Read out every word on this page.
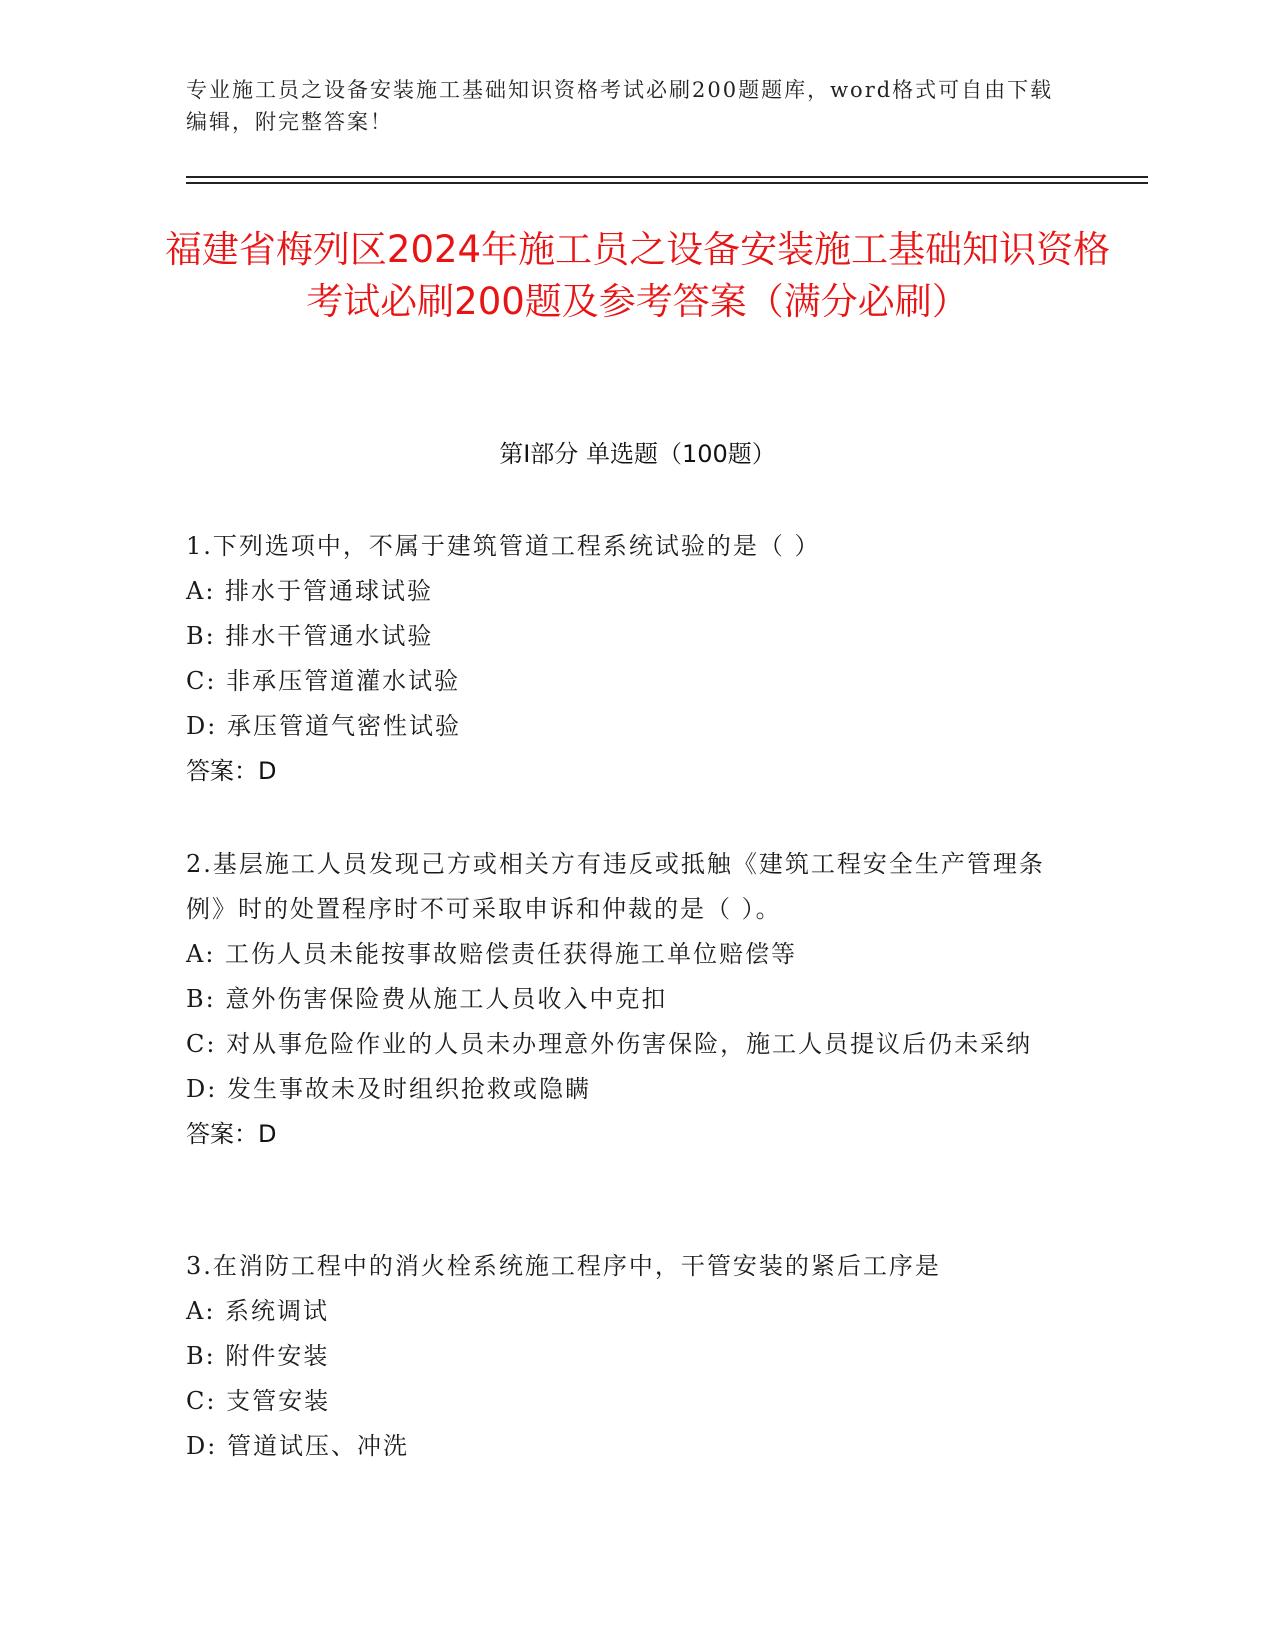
专业施工员之设备安装施工基础知识资格考试必刷200题题库，word格式可自由下载编辑，附完整答案！
福建省梅列区2024年施工员之设备安装施工基础知识资格考试必刷200题及参考答案（满分必刷）
第Ⅰ部分 单选题（100题）
1.下列选项中，不属于建筑管道工程系统试验的是（ ）
A: 排水于管通球试验
B: 排水干管通水试验
C: 非承压管道灌水试验
D: 承压管道气密性试验
答案：D
2.基层施工人员发现己方或相关方有违反或抵触《建筑工程安全生产管理条例》时的处置程序时不可采取申诉和仲裁的是（ ）。
A: 工伤人员未能按事故赔偿责任获得施工单位赔偿等
B: 意外伤害保险费从施工人员收入中克扣
C: 对从事危险作业的人员未办理意外伤害保险，施工人员提议后仍未采纳
D: 发生事故未及时组织抢救或隐瞒
答案：D
3.在消防工程中的消火栓系统施工程序中，干管安装的紧后工序是
A: 系统调试
B: 附件安装
C: 支管安装
D: 管道试压、冲洗
